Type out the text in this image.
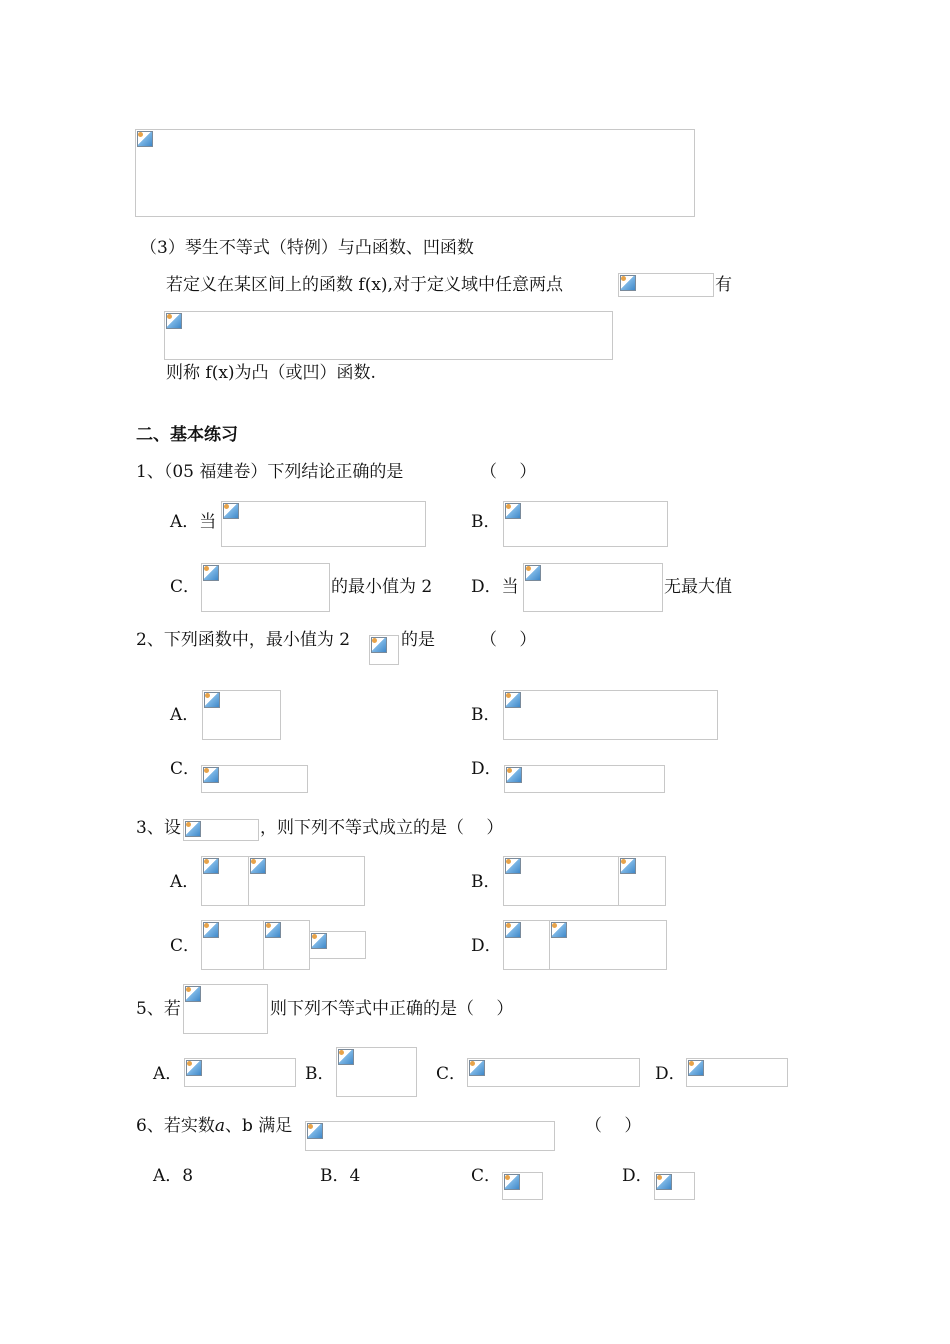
（3）琴生不等式（特例）与凸函数、凹函数
若定义在某区间上的函数 f(x),对于定义域中任意两点	有
则称 f(x)为凸（或凹）函数.
二、基本练习
1、（05 福建卷）下列结论正确的是	（　 ）
A．当	B．
C．	的最小值为 2 D．当	无最大值
2、下列函数中，最小值为 2	的是	（　 ）
A．	B．
C．	D．
3、设	，则下列不等式成立的是（　 ）
A．	B．
C．	D．
5、若	则下列不等式中正确的是（　 ）
A．	B．	C．	D．
6、若实数a、b 满足	（　 ）
A．8	B．4	C．	D．
